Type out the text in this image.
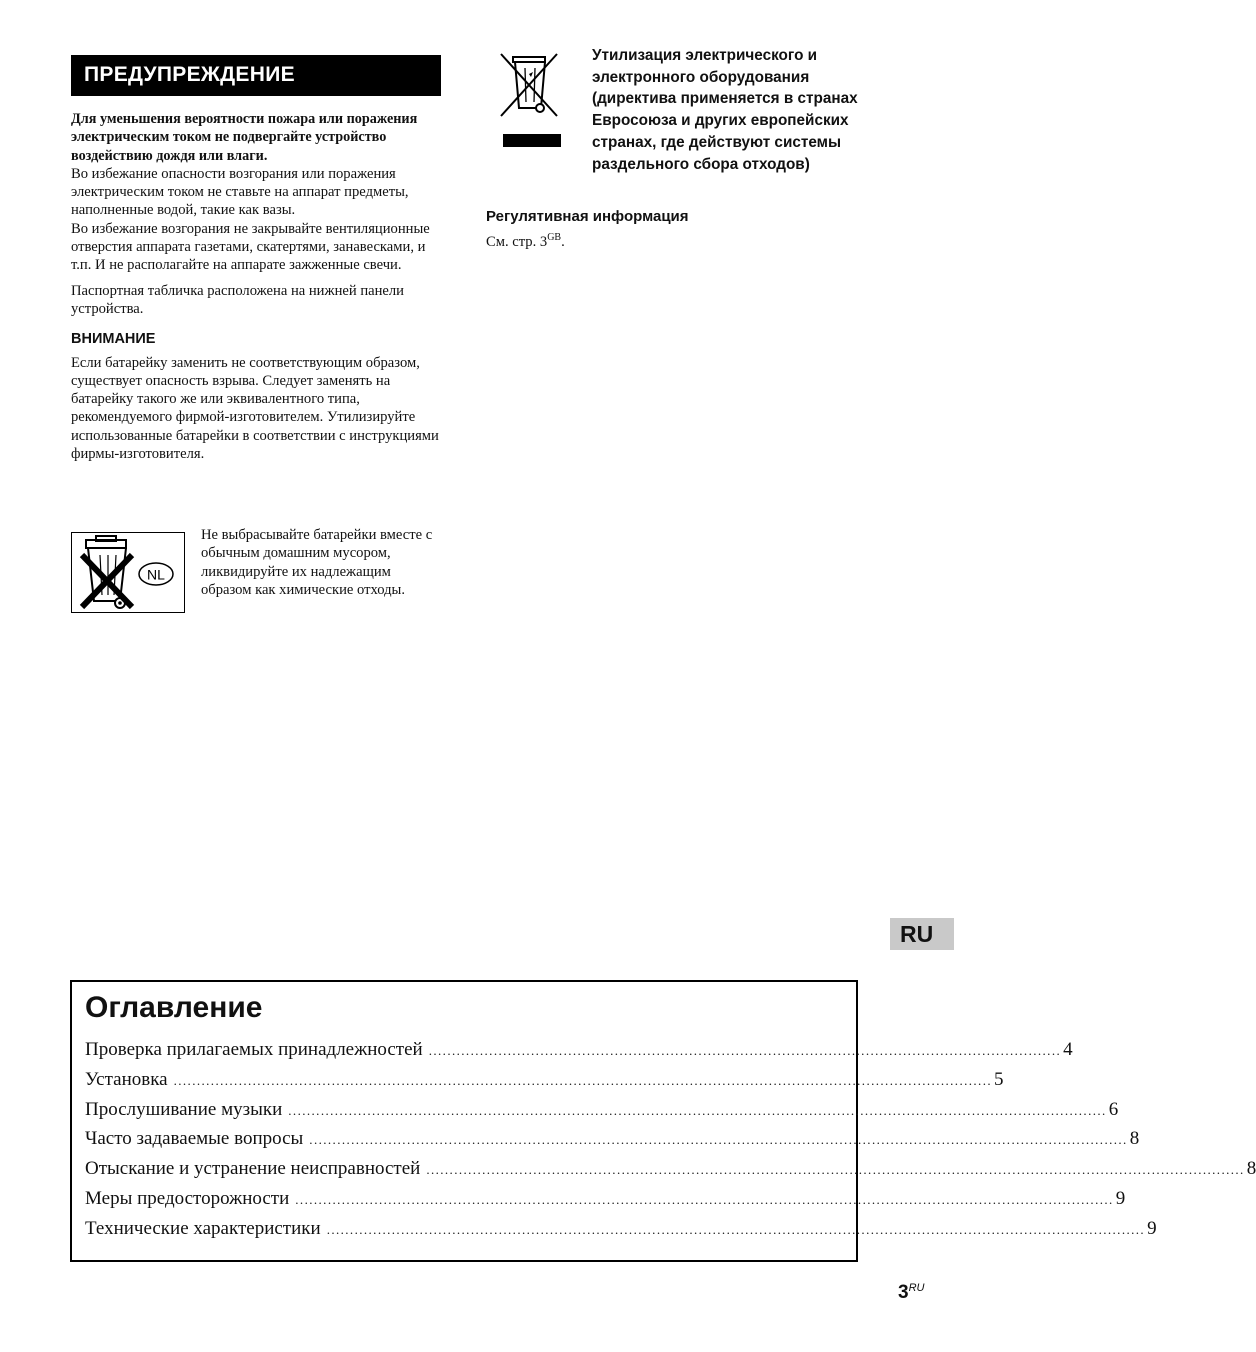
ПРЕДУПРЕЖДЕНИЕ

Для уменьшения вероятности пожара или поражения электрическим током не подвергайте устройство воздействию дождя или влаги.

Во избежание опасности возгорания или поражения электрическим током не ставьте на аппарат предметы, наполненные водой, такие как вазы.

Во избежание возгорания не закрывайте вентиляционные отверстия аппарата газетами, скатертями, занавесками, и т.п. И не располагайте на аппарате зажженные свечи.

Паспортная табличка расположена на нижней панели устройства.

ВНИМАНИЕ

Если батарейку заменить не соответствующим образом, существует опасность взрыва. Следует заменять на батарейку такого же или эквивалентного типа, рекомендуемого фирмой-изготовителем. Утилизируйте использованные батарейки в соответствии с инструкциями фирмы-изготовителя.

NL
Не выбрасывайте батарейки вместе с обычным домашним мусором, ликвидируйте их надлежащим образом как химические отходы.
Утилизация электрического и электронного оборудования (директива применяется в странах Евросоюза и других европейских странах, где действуют системы раздельного сбора отходов)
Регулятивная информация
См. стр. $3^{GB}$.
RU
Оглавление
Проверка прилагаемых принадлежностей ........................................................................................................................................ 4
Установка ................................................................................................................................................................................ 5
Прослушивание музыки ................................................................................................................................................................................ 6
Часто задаваемые вопросы ................................................................................................................................................................................ 8
Отыскание и устранение неисправностей ................................................................................................................................................................................ 8
Меры предосторожности ................................................................................................................................................................................ 9
Технические характеристики ................................................................................................................................................................................ 9
$3^{RU}$
